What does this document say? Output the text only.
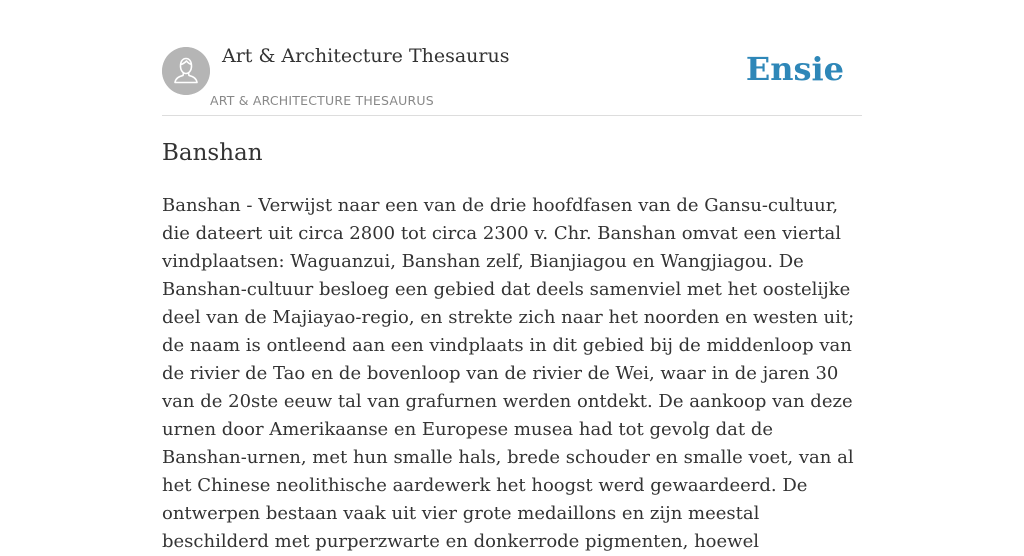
Art & Architecture Thesaurus
ART & ARCHITECTURE THESAURUS
Ensie
Banshan

Banshan - Verwijst naar een van de drie hoofdfasen van de Gansu-cultuur, die dateert uit circa 2800 tot circa 2300 v. Chr. Banshan omvat een viertal vindplaatsen: Waguanzui, Banshan zelf, Bianjiagou en Wangjiagou. De Banshan-cultuur besloeg een gebied dat deels samenviel met het oostelijke deel van de Majiayao-regio, en strekte zich naar het noorden en westen uit; de naam is ontleend aan een vindplaats in dit gebied bij de middenloop van de rivier de Tao en de bovenloop van de rivier de Wei, waar in de jaren 30 van de 20ste eeuw tal van grafurnen werden ontdekt. De aankoop van deze urnen door Amerikaanse en Europese musea had tot gevolg dat de Banshan-urnen, met hun smalle hals, brede schouder en smalle voet, van al het Chinese neolithische aardewerk het hoogst werd gewaardeerd. De ontwerpen bestaan vaak uit vier grote medaillons en zijn meestal beschilderd met purperzwarte en donkerrode pigmenten, hoewel
